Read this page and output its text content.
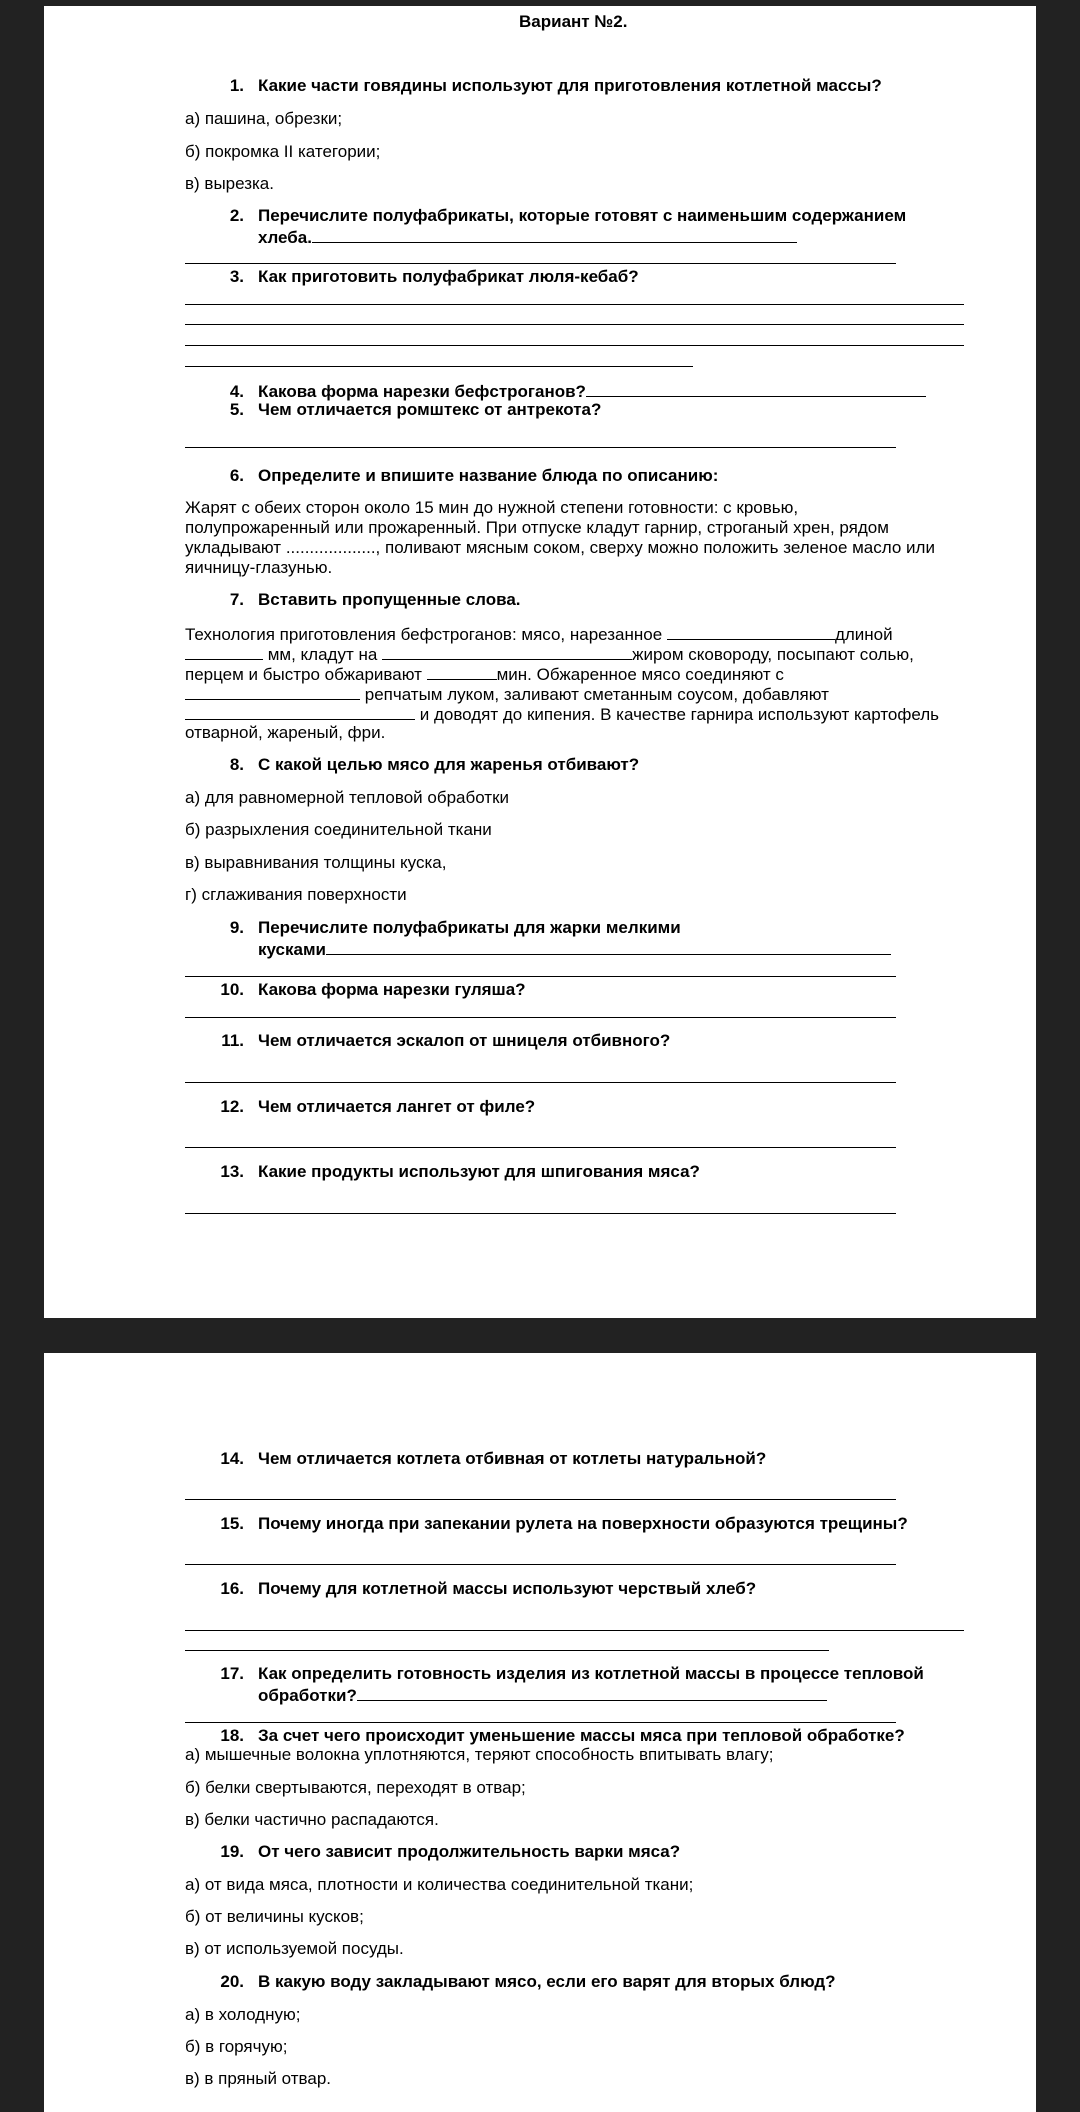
Вариант №2.
1. Какие части говядины используют для приготовления котлетной массы?
а) пашина, обрезки;
б) покромка II категории;
в) вырезка.
2. Перечислите полуфабрикаты, которые готовят с наименьшим содержанием
хлеба.
3. Как приготовить полуфабрикат люля-кебаб?
4. Какова форма нарезки бефстроганов?
5. Чем отличается ромштекс от антрекота?
6. Определите и впишите название блюда по описанию:
Жарят с обеих сторон около 15 мин до нужной степени готовности: с кровью,
полупрожаренный или прожаренный. При отпуске кладут гарнир, строганый хрен, рядом
укладывают ..................., поливают мясным соком, сверху можно положить зеленое масло или
яичницу-глазунью.
7. Вставить пропущенные слова.
Технология приготовления бефстроганов: мясо, нарезанное	длиной
мм, кладут на	жиром сковороду, посыпают солью,
перцем и быстро обжаривают	мин. Обжаренное мясо соединяют с
репчатым луком, заливают сметанным соусом, добавляют
и доводят до кипения. В качестве гарнира используют картофель
отварной, жареный, фри.
8. С какой целью мясо для жаренья отбивают?
а) для равномерной тепловой обработки
б) разрыхления соединительной ткани
в) выравнивания толщины куска,
г) сглаживания поверхности
9. Перечислите полуфабрикаты для жарки мелкими
кусками
10. Какова форма нарезки гуляша?
11. Чем отличается эскалоп от шницеля отбивного?
12. Чем отличается лангет от филе?
13. Какие продукты используют для шпигования мяса?
14. Чем отличается котлета отбивная от котлеты натуральной?
15. Почему иногда при запекании рулета на поверхности образуются трещины?
16. Почему для котлетной массы используют черствый хлеб?
17. Как определить готовность изделия из котлетной массы в процессе тепловой
обработки?
18. За счет чего происходит уменьшение массы мяса при тепловой обработке?
а) мышечные волокна уплотняются, теряют способность впитывать влагу;
б) белки свертываются, переходят в отвар;
в) белки частично распадаются.
19. От чего зависит продолжительность варки мяса?
а) от вида мяса, плотности и количества соединительной ткани;
б) от величины кусков;
в) от используемой посуды.
20. В какую воду закладывают мясо, если его варят для вторых блюд?
а) в холодную;
б) в горячую;
в) в пряный отвар.
